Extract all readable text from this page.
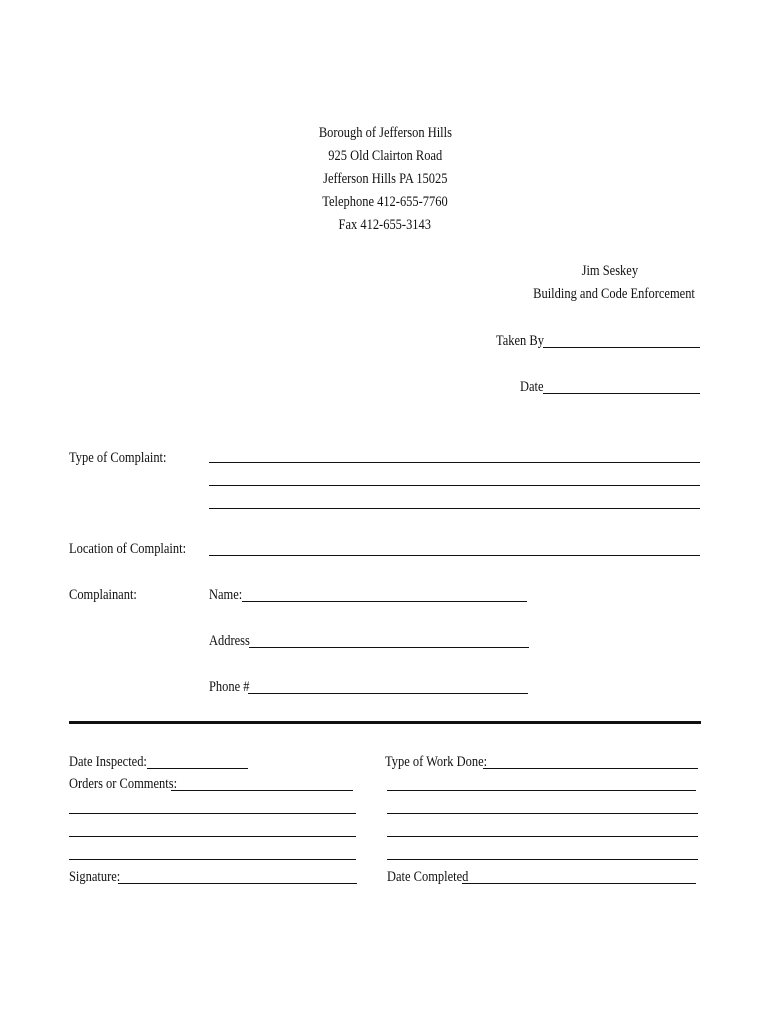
Borough of Jefferson Hills
925 Old Clairton Road
Jefferson Hills PA 15025
Telephone 412-655-7760
Fax 412-655-3143
Jim Seskey
Building and Code Enforcement
Taken By
Date
Type of Complaint:
Location of Complaint:
Complainant:	Name:
Address
Phone #
Date Inspected:
Orders or Comments:
Signature:
Type of Work Done:
Date Completed
